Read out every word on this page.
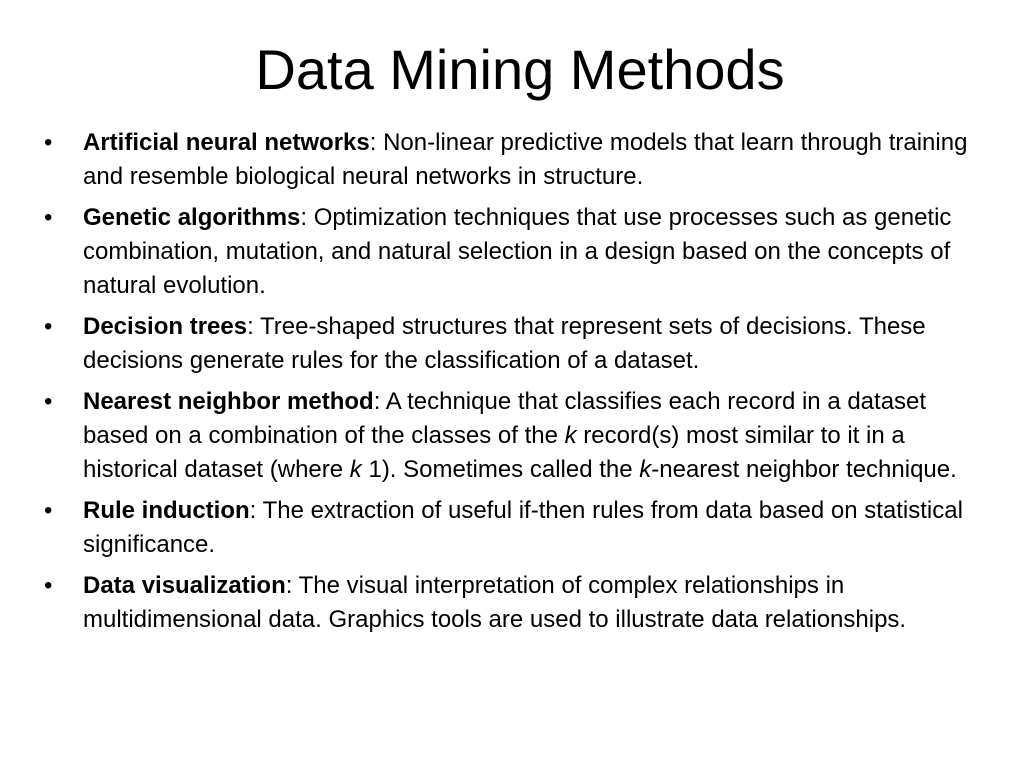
Data Mining Methods
•	Artificial neural networks: Non-linear predictive models that learn through training and resemble biological neural networks in structure.
•	Genetic algorithms: Optimization techniques that use processes such as genetic combination, mutation, and natural selection in a design based on the concepts of natural evolution.
•	Decision trees: Tree-shaped structures that represent sets of decisions. These decisions generate rules for the classification of a dataset.
•	Nearest neighbor method: A technique that classifies each record in a dataset based on a combination of the classes of the k record(s) most similar to it in a historical dataset (where k 1). Sometimes called the k-nearest neighbor technique.
•	Rule induction: The extraction of useful if-then rules from data based on statistical significance.
•	Data visualization: The visual interpretation of complex relationships in multidimensional data. Graphics tools are used to illustrate data relationships.
